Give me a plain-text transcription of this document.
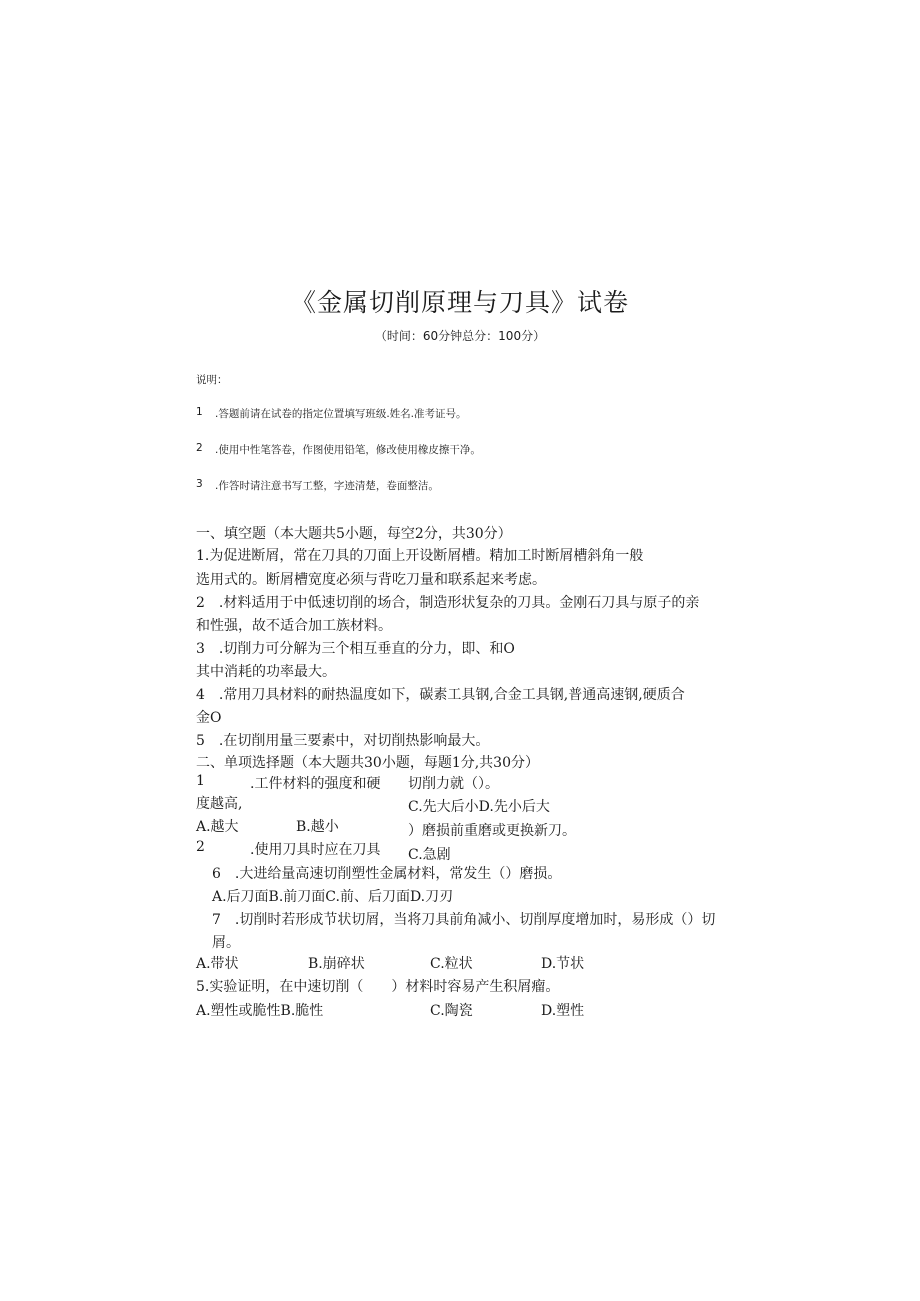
《金属切削原理与刀具》试卷
（时间：60分钟总分：100分）
说明：
1 .答题前请在试卷的指定位置填写班级.姓名.准考证号。
2 .使用中性笔答卷，作图使用铅笔，修改使用橡皮擦干净。
3 .作答时请注意书写工整，字迹清楚，卷面整洁。
一、填空题（本大题共5小题，每空2分，共30分）
1.为促进断屑，常在刀具的刀面上开设断屑槽。精加工时断屑槽斜角一般
选用式的。断屑槽宽度必须与背吃刀量和联系起来考虑。
2　.材料适用于中低速切削的场合，制造形状复杂的刀具。金刚石刀具与原子的亲
和性强，故不适合加工族材料。
3　.切削力可分解为三个相互垂直的分力，即、和O
其中消耗的功率最大。
4　.常用刀具材料的耐热温度如下，碳素工具钢,合金工具钢,普通高速钢,硬质合
金O
5　.在切削用量三要素中，对切削热影响最大。
二、单项选择题（本大题共30小题，每题1分,共30分）
1	.工件材料的强度和硬 切削力就（）。
度越高,	C.先大后小D.先小后大
A.越大	B.越小	）磨损前重磨或更换新刀。
2	.使用刀具时应在刀具 C.急剧
6　.大进给量高速切削塑性金属材料，常发生（）磨损。
A.后刀面B.前刀面C.前、后刀面D.刀刃
7　.切削时若形成节状切屑，当将刀具前角减小、切削厚度增加时，易形成（）切
屑。
A.带状	B.崩碎状	C.粒状	D.节状
5.实验证明，在中速切削（　　）材料时容易产生积屑瘤。
A.塑性或脆性B.脆性	C.陶瓷	D.塑性
